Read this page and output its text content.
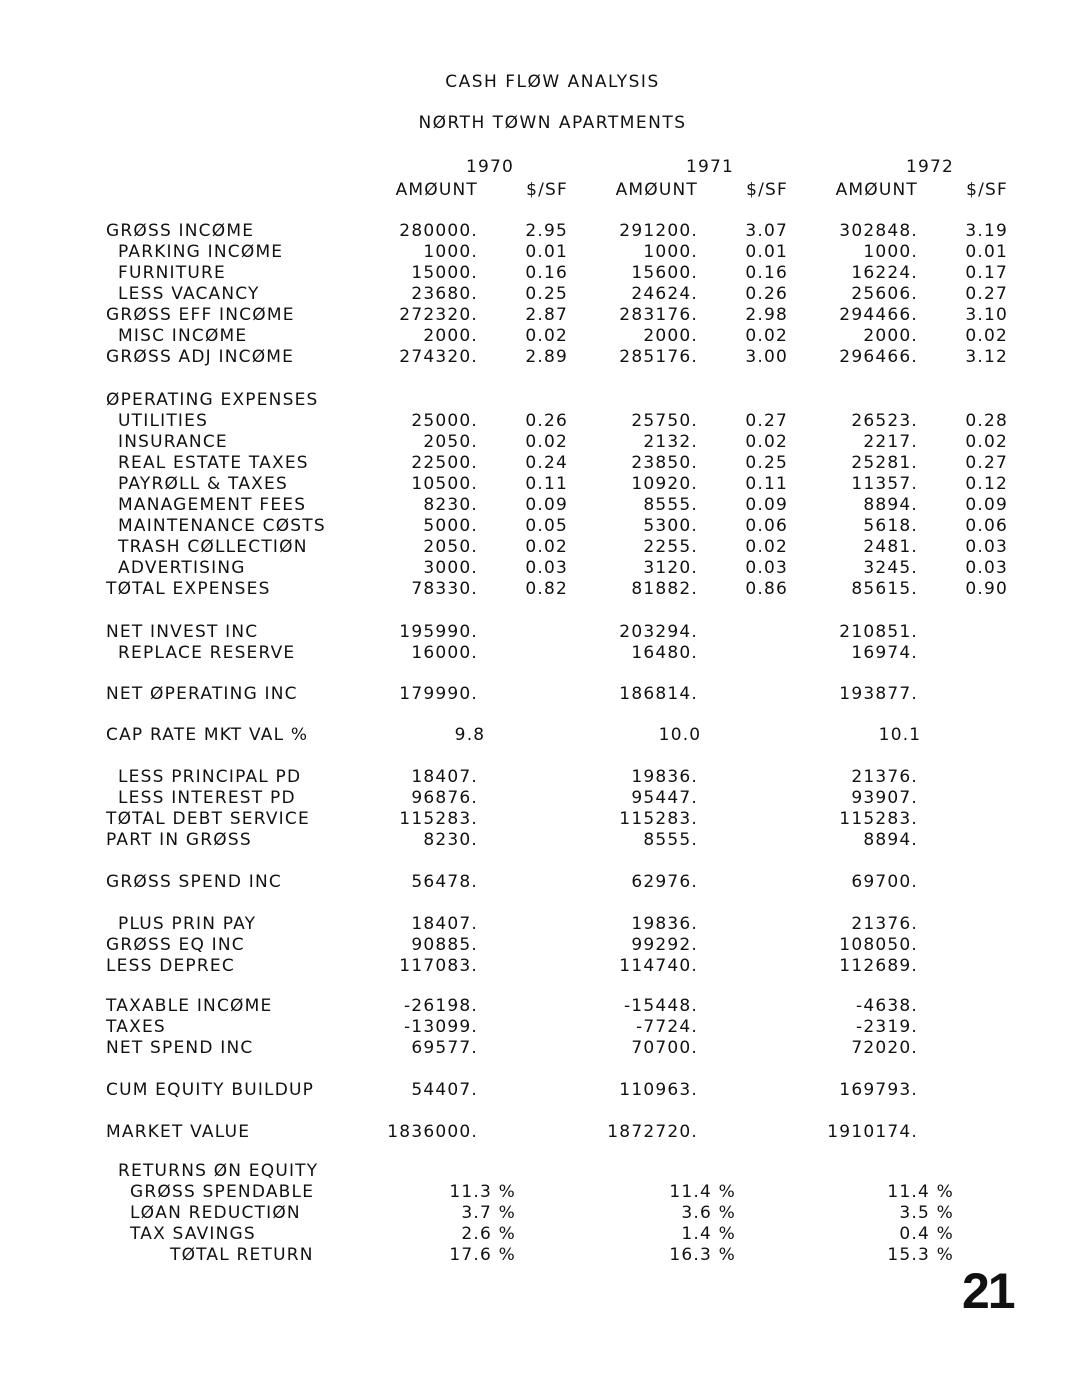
CASH FLØW ANALYSIS
NØRTH TØWN APARTMENTS
1970	1971	1972
AMØUNT	$/SF	AMØUNT	$/SF	AMØUNT	$/SF
GRØSS INCØME	280000.	2.95	291200.	3.07	302848.	3.19
PARKING INCØME	1000.	0.01	1000.	0.01	1000.	0.01
FURNITURE	15000.	0.16	15600.	0.16	16224.	0.17
LESS VACANCY	23680.	0.25	24624.	0.26	25606.	0.27
GRØSS EFF INCØME	272320.	2.87	283176.	2.98	294466.	3.10
MISC INCØME	2000.	0.02	2000.	0.02	2000.	0.02
GRØSS ADJ INCØME	274320.	2.89	285176.	3.00	296466.	3.12
ØPERATING EXPENSES
UTILITIES	25000.	0.26	25750.	0.27	26523.	0.28
INSURANCE	2050.	0.02	2132.	0.02	2217.	0.02
REAL ESTATE TAXES	22500.	0.24	23850.	0.25	25281.	0.27
PAYRØLL & TAXES	10500.	0.11	10920.	0.11	11357.	0.12
MANAGEMENT FEES	8230.	0.09	8555.	0.09	8894.	0.09
MAINTENANCE CØSTS	5000.	0.05	5300.	0.06	5618.	0.06
TRASH CØLLECTIØN	2050.	0.02	2255.	0.02	2481.	0.03
ADVERTISING	3000.	0.03	3120.	0.03	3245.	0.03
TØTAL EXPENSES	78330.	0.82	81882.	0.86	85615.	0.90
NET INVEST INC	195990.	203294.	210851.
REPLACE RESERVE	16000.	16480.	16974.
NET ØPERATING INC	179990.	186814.	193877.
CAP RATE MKT VAL %	9.8	10.0	10.1
LESS PRINCIPAL PD	18407.	19836.	21376.
LESS INTEREST PD	96876.	95447.	93907.
TØTAL DEBT SERVICE	115283.	115283.	115283.
PART IN GRØSS	8230.	8555.	8894.
GRØSS SPEND INC	56478.	62976.	69700.
PLUS PRIN PAY	18407.	19836.	21376.
GRØSS EQ INC	90885.	99292.	108050.
LESS DEPREC	117083.	114740.	112689.
TAXABLE INCØME	-26198.	-15448.	-4638.
TAXES	-13099.	-7724.	-2319.
NET SPEND INC	69577.	70700.	72020.
CUM EQUITY BUILDUP	54407.	110963.	169793.
MARKET VALUE	1836000.	1872720.	1910174.
RETURNS ØN EQUITY
GRØSS SPENDABLE	11.3 %	11.4 %	11.4 %
LØAN REDUCTIØN	3.7 %	3.6 %	3.5 %
TAX SAVINGS	2.6 %	1.4 %	0.4 %
TØTAL RETURN	17.6 %	16.3 %	15.3 %
21
